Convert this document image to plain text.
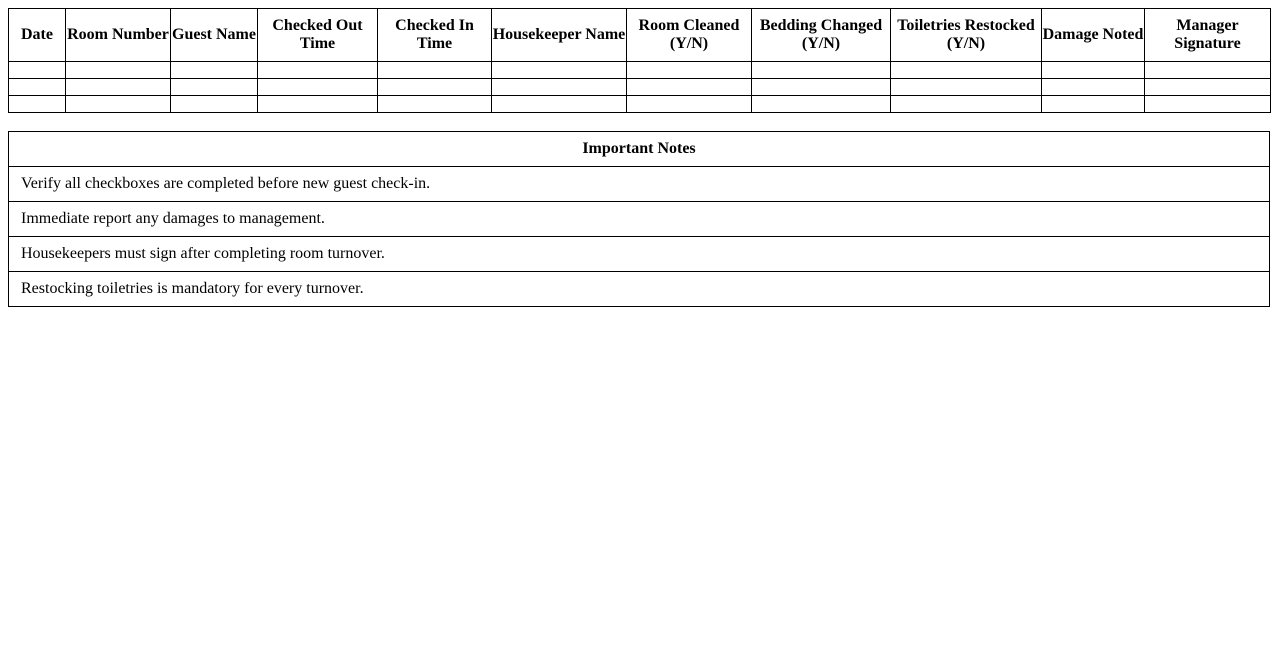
Date	Room Number	Guest Name	Checked Out Time	Checked In Time	Housekeeper Name	Room Cleaned (Y/N)	Bedding Changed (Y/N)	Toiletries Restocked (Y/N)	Damage Noted	Manager Signature

Important Notes
Verify all checkboxes are completed before new guest check-in.
Immediate report any damages to management.
Housekeepers must sign after completing room turnover.
Restocking toiletries is mandatory for every turnover.
